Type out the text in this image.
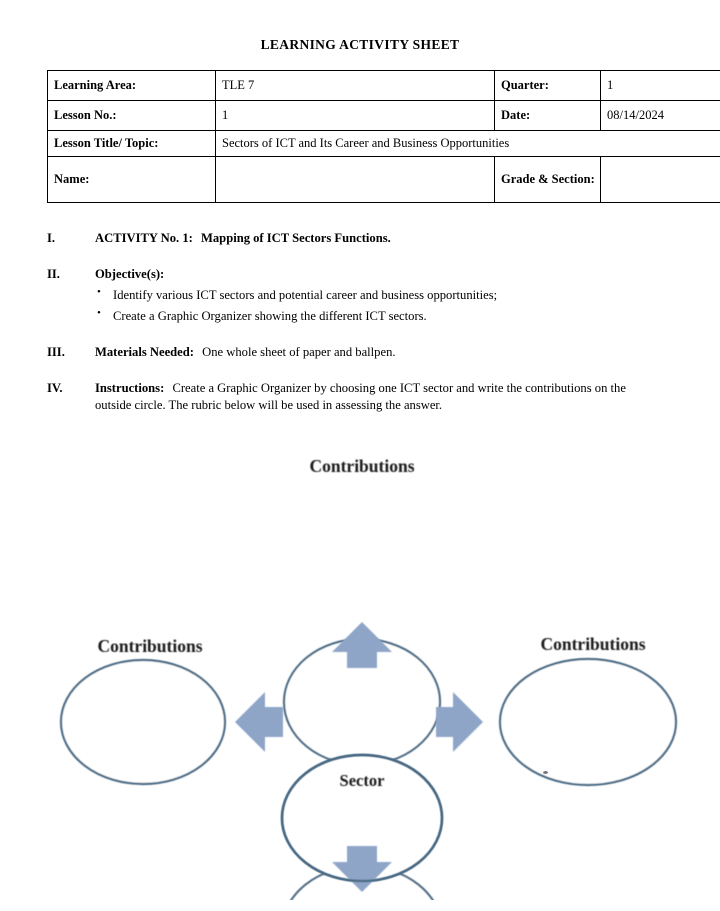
LEARNING ACTIVITY SHEET
Learning Area:	TLE 7	Quarter:	1
Lesson No.:	1	Date:	08/14/2024
Lesson Title/ Topic:	Sectors of ICT and Its Career and Business Opportunities		
Name:		Grade & Section:	
I.	ACTIVITY No. 1: Mapping of ICT Sectors Functions.
II.	Objective(s):
• Identify various ICT sectors and potential career and business opportunities;
• Create a Graphic Organizer showing the different ICT sectors.
III.	Materials Needed: One whole sheet of paper and ballpen.
IV.	Instructions: Create a Graphic Organizer by choosing one ICT sector and write the contributions on the outside circle. The rubric below will be used in assessing the answer.
Contributions
Contributions	Contributions
Sector
